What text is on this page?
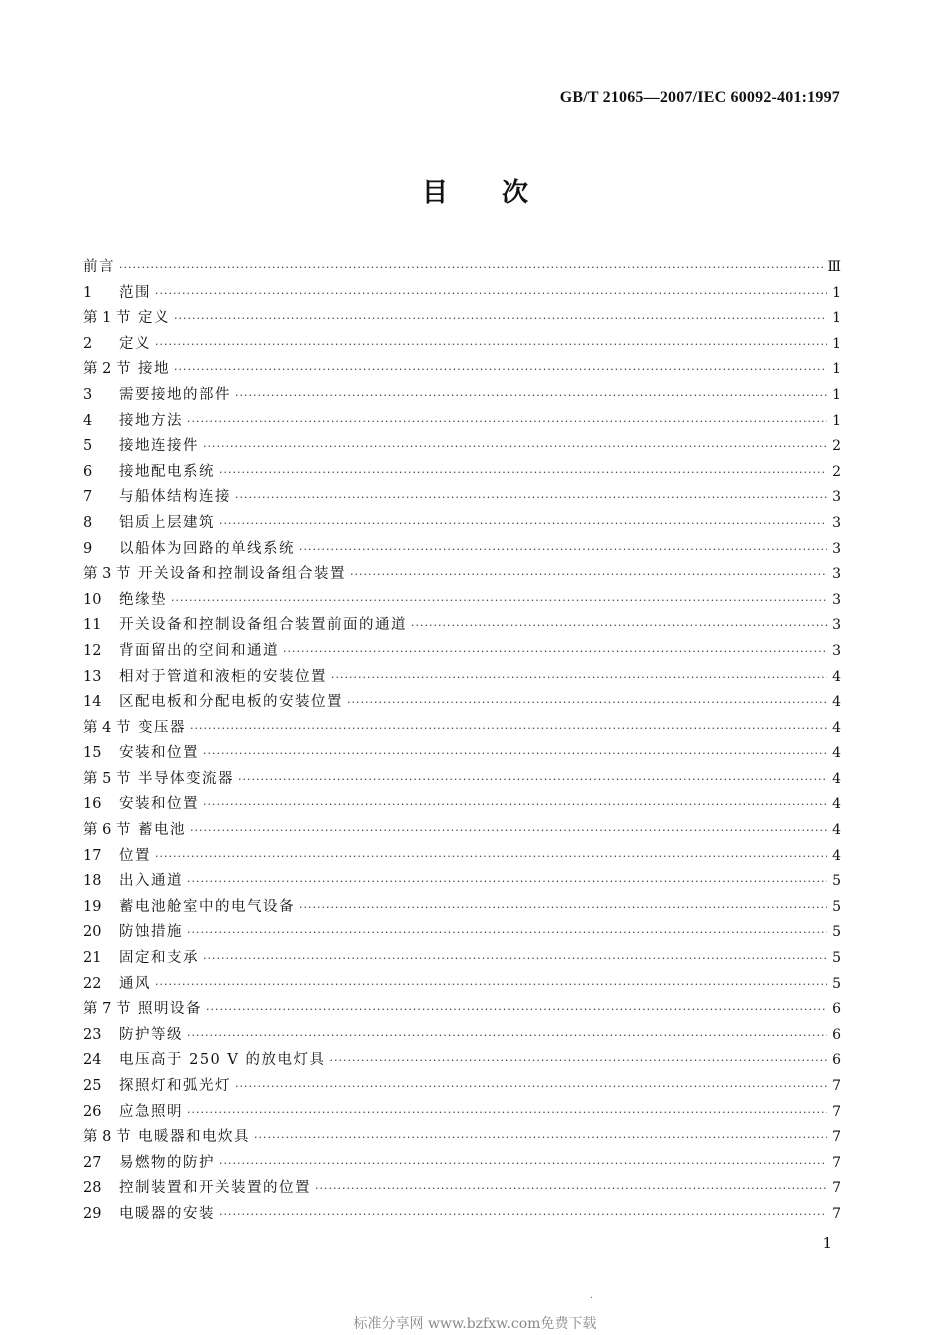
GB/T 21065—2007/IEC 60092-401:1997
目 次
前言 ·····	Ⅲ
1	范围 ·····	1
第 1 节 定义 ·····	1
2	定义 ·····	1
第 2 节 接地 ·····	1
3	需要接地的部件 ·····	1
4	接地方法 ·····	1
5	接地连接件 ·····	2
6	接地配电系统 ·····	2
7	与船体结构连接 ·····	3
8	铝质上层建筑 ·····	3
9	以船体为回路的单线系统 ·····	3
第 3 节 开关设备和控制设备组合装置 ·····	3
10	绝缘垫 ·····	3
11	开关设备和控制设备组合装置前面的通道 ·····	3
12	背面留出的空间和通道 ·····	3
13	相对于管道和液柜的安装位置 ·····	4
14	区配电板和分配电板的安装位置 ·····	4
第 4 节 变压器 ·····	4
15	安装和位置 ·····	4
第 5 节 半导体变流器 ·····	4
16	安装和位置 ·····	4
第 6 节 蓄电池 ·····	4
17	位置 ·····	4
18	出入通道 ·····	5
19	蓄电池舱室中的电气设备 ·····	5
20	防蚀措施 ·····	5
21	固定和支承 ·····	5
22	通风 ·····	5
第 7 节 照明设备 ·····	6
23	防护等级 ·····	6
24	电压高于 250 V 的放电灯具 ·····	6
25	探照灯和弧光灯 ·····	7
26	应急照明 ·····	7
第 8 节 电暖器和电炊具 ·····	7
27	易燃物的防护 ·····	7
28	控制装置和开关装置的位置 ·····	7
29	电暖器的安装 ·····	7
1
·
标准分享网 www.bzfxw.com免费下载
